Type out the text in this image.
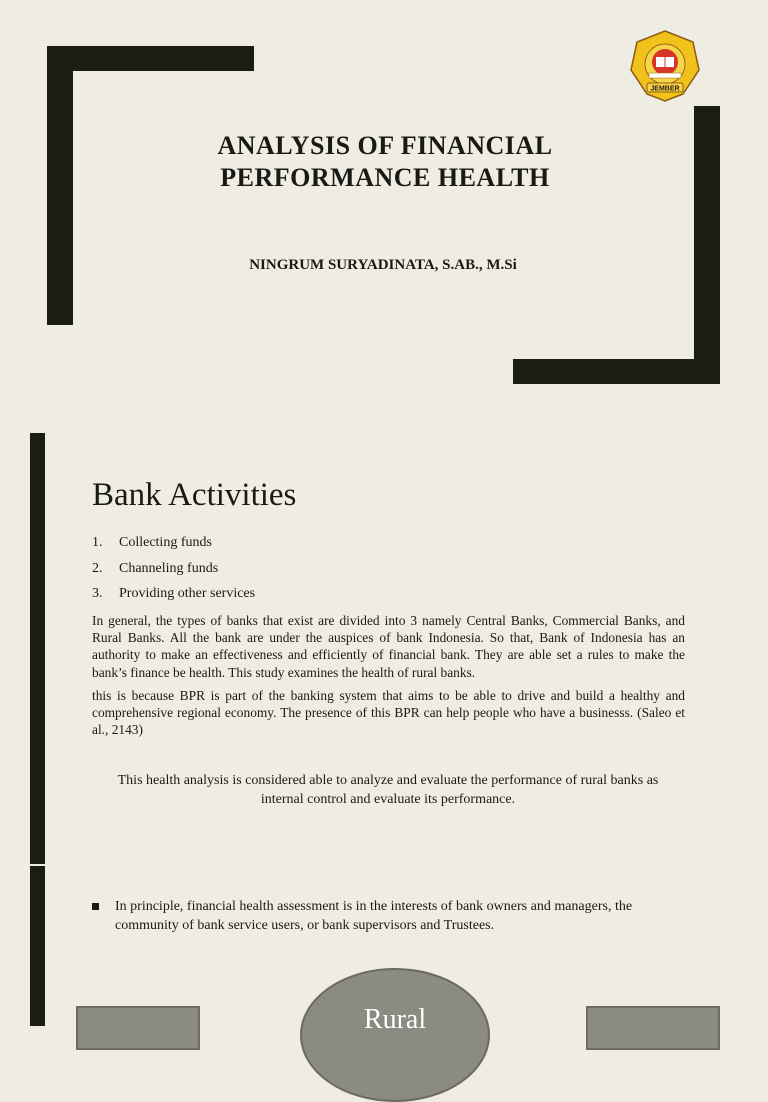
JEMBER
ANALYSIS OF FINANCIAL
PERFORMANCE HEALTH
NINGRUM SURYADINATA, S.AB., M.Si
Bank Activities
1. Collecting funds
2. Channeling funds
3. Providing other services

In general, the types of banks that exist are divided into 3 namely Central Banks, Commercial Banks, and Rural Banks. All the bank are under the auspices of bank Indonesia. So that, Bank of Indonesia has an authority to make an effectiveness and efficiently of financial bank. They are able set a rules to make the bank’s finance be health. This study examines the health of rural banks.

this is because BPR is part of the banking system that aims to be able to drive and build a healthy and comprehensive regional economy. The presence of this BPR can help people who have a businesss. (Saleo et al., 2143)

This health analysis is considered able to analyze and evaluate the performance of rural banks as internal control and evaluate its performance.
In principle, financial health assessment is in the interests of bank owners and managers, the community of bank service users, or bank supervisors and Trustees.
Rural
